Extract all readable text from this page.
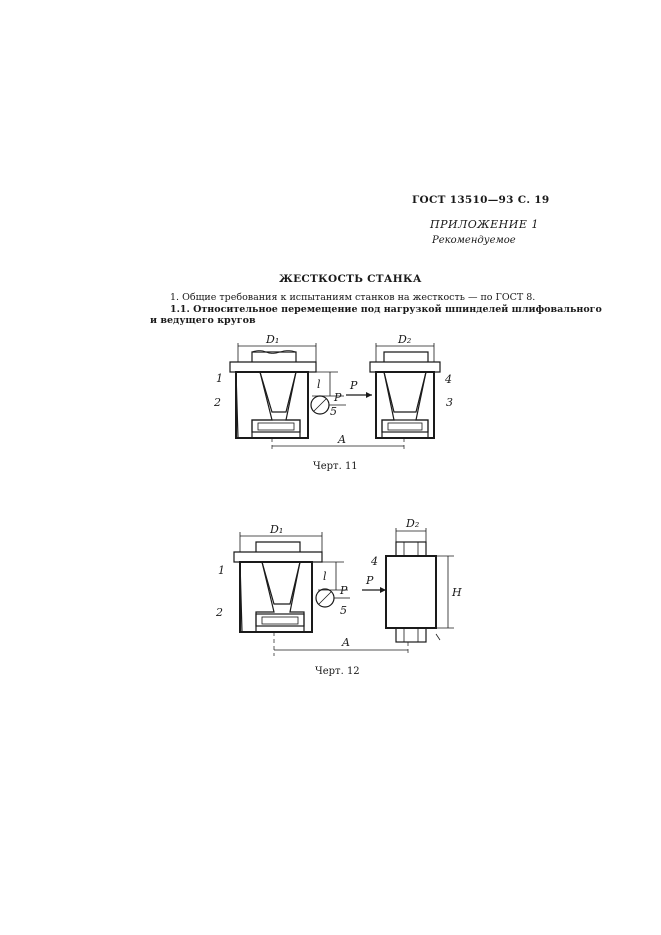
ГОСТ 13510—93 С. 19
ПРИЛОЖЕНИЕ 1
Рекомендуемое
ЖЕСТКОСТЬ СТАНКА
1. Общие требования к испытаниям станков на жесткость — по ГОСТ 8.
1.1. Относительное перемещение под нагрузкой шпинделей шлифовального
и ведущего кругов
D₁	D₂
1
2	3
4
5
P
P
l
A
D₁	D₂
1
2
4
5
P
P
l
H
A
Черт. 11
Черт. 12
